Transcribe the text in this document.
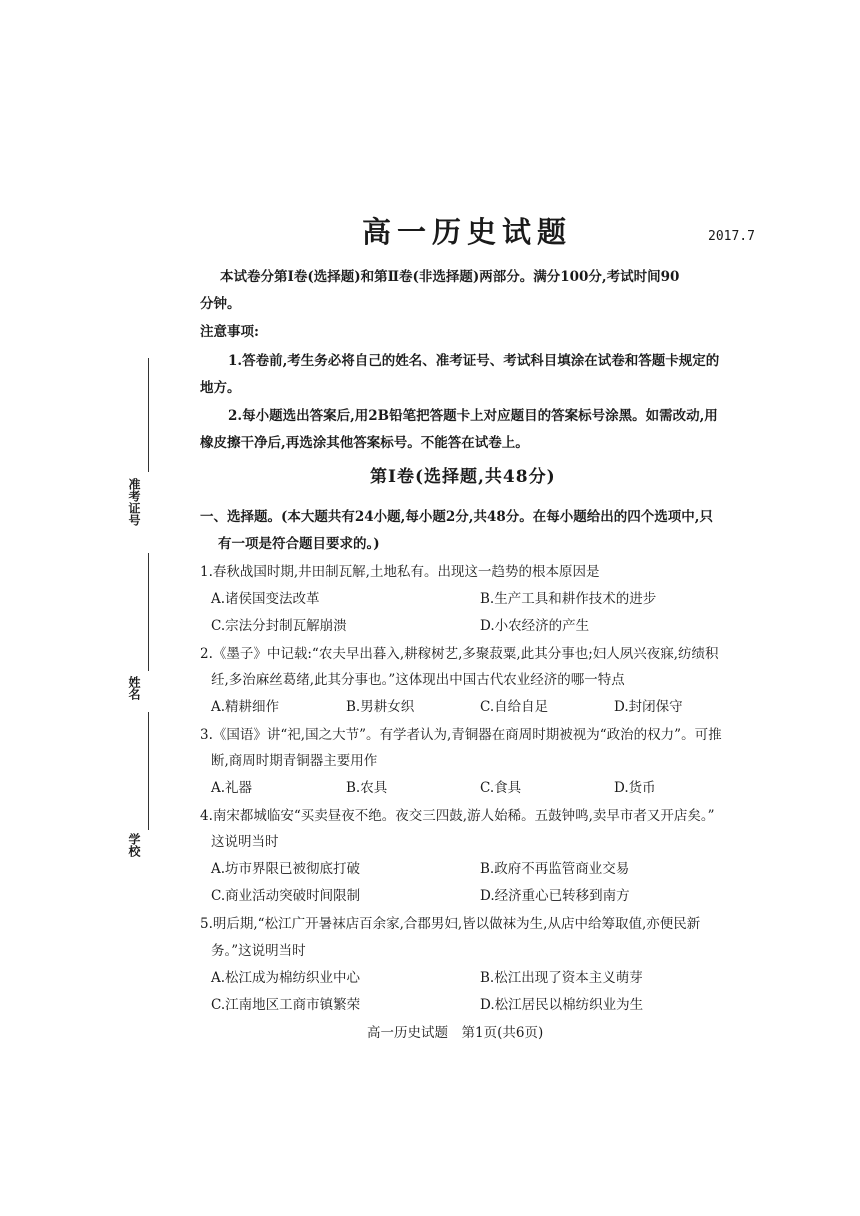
准考证号
姓名
学校
高一历史试题	2017.7
本试卷分第Ⅰ卷(选择题)和第Ⅱ卷(非选择题)两部分。满分100分,考试时间90
分钟。
注意事项:
1.答卷前,考生务必将自己的姓名、准考证号、考试科目填涂在试卷和答题卡规定的
地方。
2.每小题选出答案后,用2B铅笔把答题卡上对应题目的答案标号涂黑。如需改动,用
橡皮擦干净后,再选涂其他答案标号。不能答在试卷上。
第Ⅰ卷(选择题,共48分)
一、选择题。(本大题共有24小题,每小题2分,共48分。在每小题给出的四个选项中,只
有一项是符合题目要求的。)
1.春秋战国时期,井田制瓦解,土地私有。出现这一趋势的根本原因是
A.诸侯国变法改革	B.生产工具和耕作技术的进步
C.宗法分封制瓦解崩溃	D.小农经济的产生
2.《墨子》中记载:“农夫早出暮入,耕稼树艺,多聚菽粟,此其分事也;妇人夙兴夜寐,纺绩积
纴,多治麻丝葛绪,此其分事也。”这体现出中国古代农业经济的哪一特点
A.精耕细作	B.男耕女织	C.自给自足	D.封闭保守
3.《国语》讲“祀,国之大节”。有学者认为,青铜器在商周时期被视为“政治的权力”。可推
断,商周时期青铜器主要用作
A.礼器	B.农具	C.食具	D.货币
4.南宋都城临安“买卖昼夜不绝。夜交三四鼓,游人始稀。五鼓钟鸣,卖早市者又开店矣。”
这说明当时
A.坊市界限已被彻底打破	B.政府不再监管商业交易
C.商业活动突破时间限制	D.经济重心已转移到南方
5.明后期,“松江广开暑袜店百余家,合郡男妇,皆以做袜为生,从店中给筹取值,亦便民新
务。”这说明当时
A.松江成为棉纺织业中心	B.松江出现了资本主义萌芽
C.江南地区工商市镇繁荣	D.松江居民以棉纺织业为生
高一历史试题　第1页(共6页)
